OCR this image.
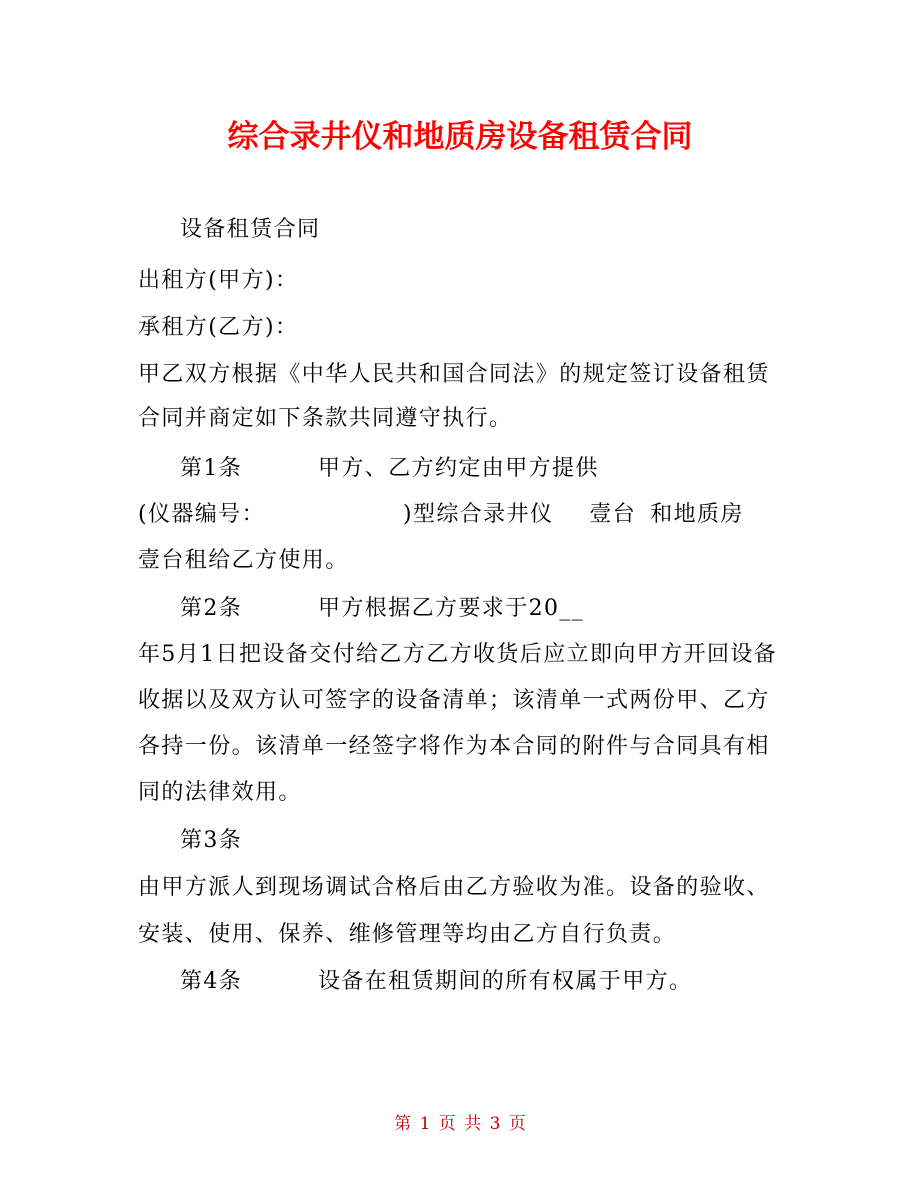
综合录井仪和地质房设备租赁合同
设备租赁合同
出租方(甲方)：
承租方(乙方)：
甲乙双方根据《中华人民共和国合同法》的规定签订设备租赁
合同并商定如下条款共同遵守执行。
第1条	甲方、乙方约定由甲方提供
(仪器编号：	)型综合录井仪 壹台 和地质房
壹台租给乙方使用。
第2条	甲方根据乙方要求于20__
年5月1日把设备交付给乙方乙方收货后应立即向甲方开回设备
收据以及双方认可签字的设备清单；该清单一式两份甲、乙方
各持一份。该清单一经签字将作为本合同的附件与合同具有相
同的法律效用。
第3条
由甲方派人到现场调试合格后由乙方验收为准。设备的验收、
安装、使用、保养、维修管理等均由乙方自行负责。
第4条	设备在租赁期间的所有权属于甲方。
第 1 页 共 3 页
